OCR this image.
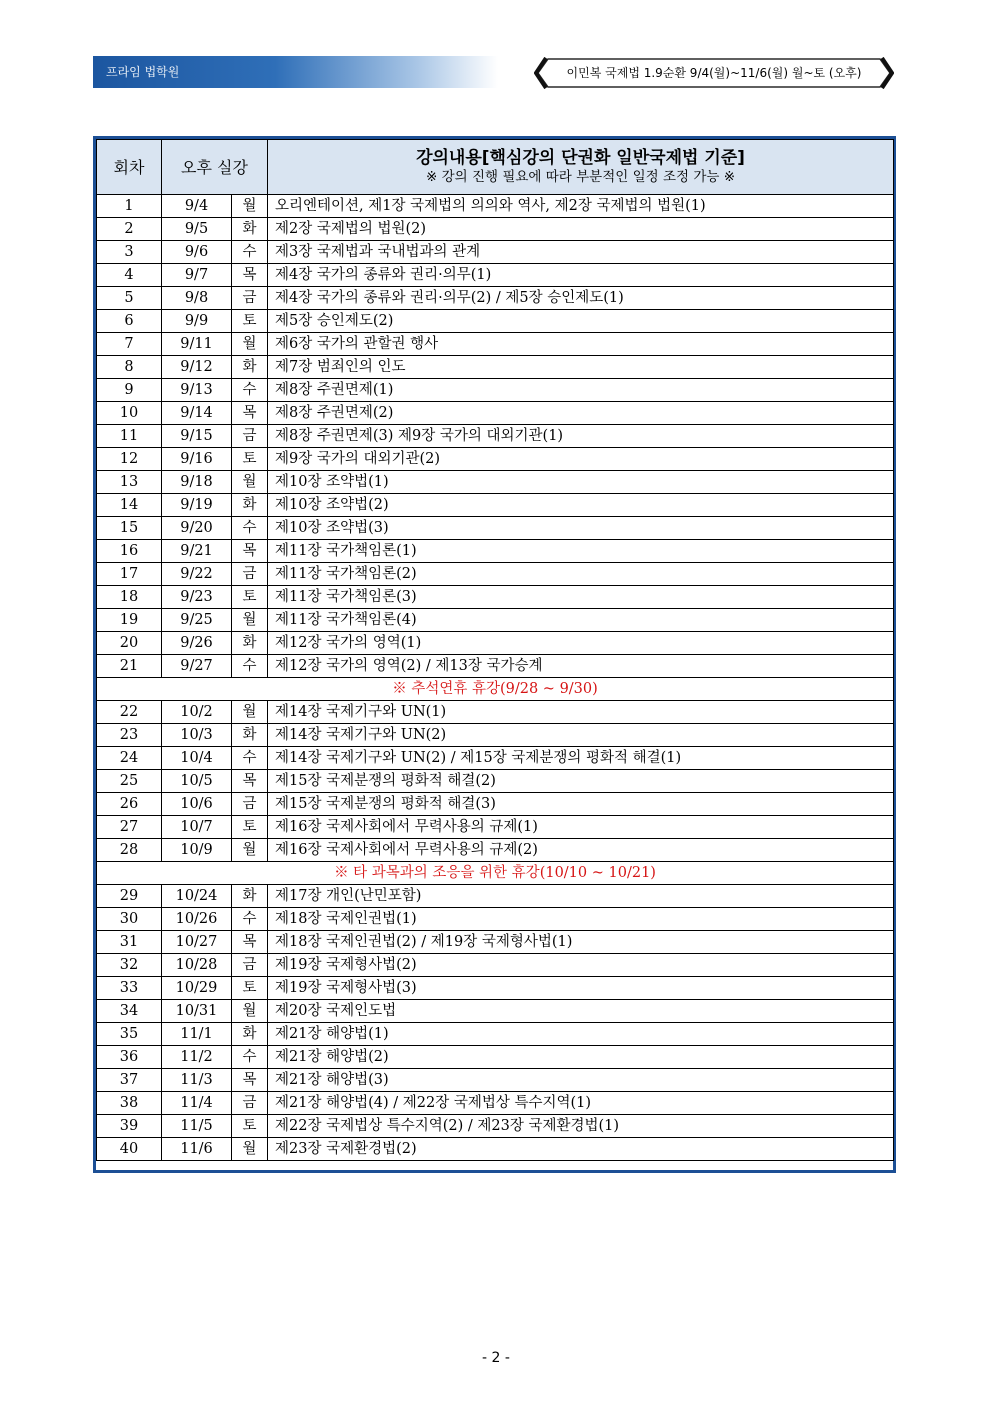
프라임 법학원	이민복 국제법 1.9순환 9/4(월)~11/6(월) 월~토 (오후)
회차	오후 실강		강의내용[핵심강의 단권화 일반국제법 기준]
※ 강의 진행 필요에 따라 부분적인 일정 조정 가능 ※

1	9/4	월	오리엔테이션, 제1장 국제법의 의의와 역사, 제2장 국제법의 법원(1)
2	9/5	화	제2장 국제법의 법원(2)
3	9/6	수	제3장 국제법과 국내법과의 관계
4	9/7	목	제4장 국가의 종류와 권리·의무(1)
5	9/8	금	제4장 국가의 종류와 권리·의무(2) / 제5장 승인제도(1)
6	9/9	토	제5장 승인제도(2)
7	9/11	월	제6장 국가의 관할권 행사
8	9/12	화	제7장 범죄인의 인도
9	9/13	수	제8장 주권면제(1)
10	9/14	목	제8장 주권면제(2)
11	9/15	금	제8장 주권면제(3) 제9장 국가의 대외기관(1)
12	9/16	토	제9장 국가의 대외기관(2)
13	9/18	월	제10장 조약법(1)
14	9/19	화	제10장 조약법(2)
15	9/20	수	제10장 조약법(3)
16	9/21	목	제11장 국가책임론(1)
17	9/22	금	제11장 국가책임론(2)
18	9/23	토	제11장 국가책임론(3)
19	9/25	월	제11장 국가책임론(4)
20	9/26	화	제12장 국가의 영역(1)
21	9/27	수	제12장 국가의 영역(2) / 제13장 국가승계
※ 추석연휴 휴강(9/28 ~ 9/30)			
22	10/2	월	제14장 국제기구와 UN(1)
23	10/3	화	제14장 국제기구와 UN(2)
24	10/4	수	제14장 국제기구와 UN(2) / 제15장 국제분쟁의 평화적 해결(1)
25	10/5	목	제15장 국제분쟁의 평화적 해결(2)
26	10/6	금	제15장 국제분쟁의 평화적 해결(3)
27	10/7	토	제16장 국제사회에서 무력사용의 규제(1)
28	10/9	월	제16장 국제사회에서 무력사용의 규제(2)
※ 타 과목과의 조응을 위한 휴강(10/10 ~ 10/21)			
29	10/24	화	제17장 개인(난민포함)
30	10/26	수	제18장 국제인권법(1)
31	10/27	목	제18장 국제인권법(2) / 제19장 국제형사법(1)
32	10/28	금	제19장 국제형사법(2)
33	10/29	토	제19장 국제형사법(3)
34	10/31	월	제20장 국제인도법
35	11/1	화	제21장 해양법(1)
36	11/2	수	제21장 해양법(2)
37	11/3	목	제21장 해양법(3)
38	11/4	금	제21장 해양법(4) / 제22장 국제법상 특수지역(1)
39	11/5	토	제22장 국제법상 특수지역(2) / 제23장 국제환경법(1)
40	11/6	월	제23장 국제환경법(2)
- 2 -
